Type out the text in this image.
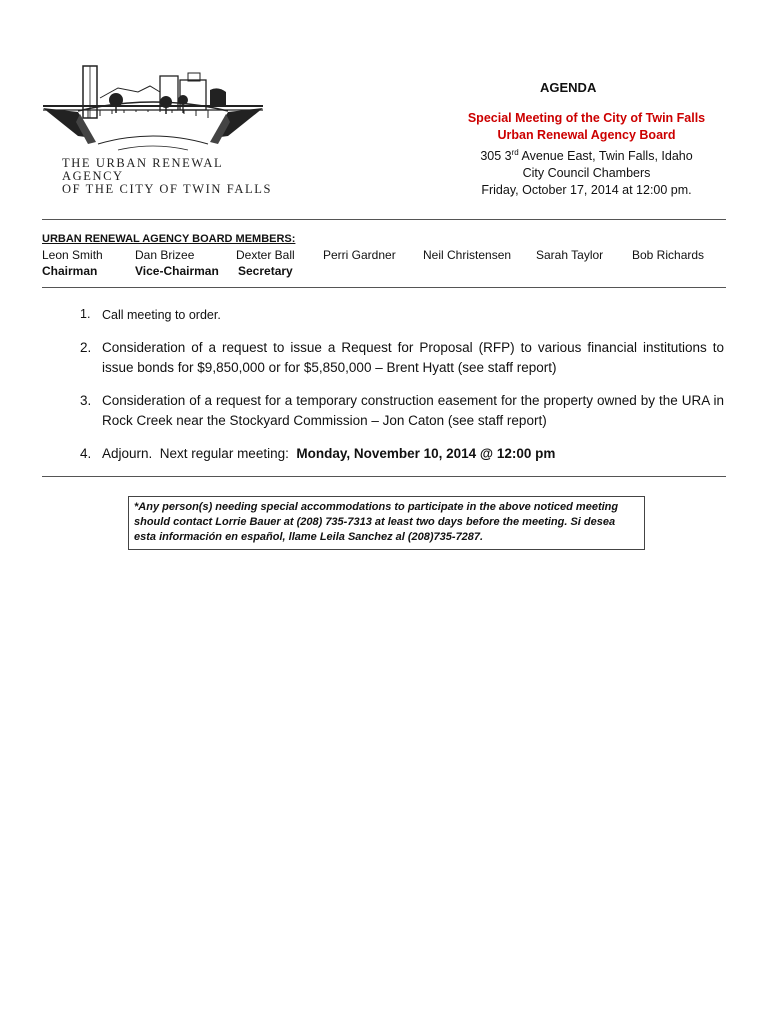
THE URBAN RENEWAL AGENCY
OF THE CITY OF TWIN FALLS
AGENDA
Special Meeting of the City of Twin Falls
Urban Renewal Agency Board
305 3rd Avenue East, Twin Falls, Idaho
City Council Chambers
Friday, October 17, 2014 at 12:00 pm.
URBAN RENEWAL AGENCY BOARD MEMBERS:
Leon Smith
Chairman
Dan Brizee
Vice-Chairman
Dexter Ball
Secretary
Perri Gardner Neil Christensen Sarah Taylor Bob Richards
1. Call meeting to order.
2. Consideration of a request to issue a Request for Proposal (RFP) to various financial institutions to issue bonds for $9,850,000 or for $5,850,000 – Brent Hyatt (see staff report)
3. Consideration of a request for a temporary construction easement for the property owned by the URA in Rock Creek near the Stockyard Commission – Jon Caton (see staff report)
4. Adjourn.  Next regular meeting:  Monday, November 10, 2014 @ 12:00 pm
*Any person(s) needing special accommodations to participate in the above noticed meeting should contact Lorrie Bauer at (208) 735-7313 at least two days before the meeting. Si desea esta información en español, llame Leila Sanchez al (208)735-7287.
